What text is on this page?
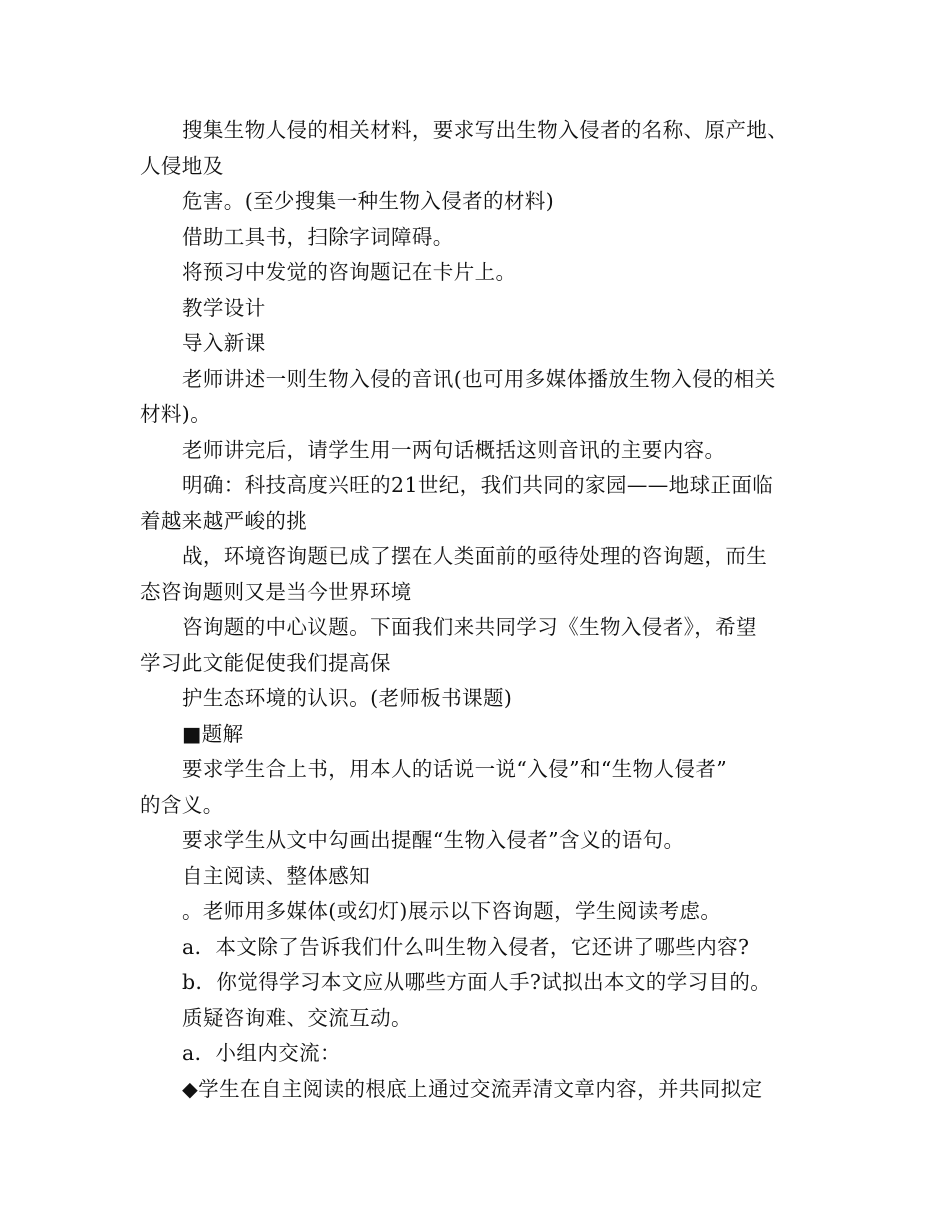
搜集生物人侵的相关材料，要求写出生物入侵者的名称、原产地、

人侵地及

危害。(至少搜集一种生物入侵者的材料)

借助工具书，扫除字词障碍。

将预习中发觉的咨询题记在卡片上。

教学设计

导入新课

老师讲述一则生物入侵的音讯(也可用多媒体播放生物入侵的相关

材料)。

老师讲完后，请学生用一两句话概括这则音讯的主要内容。

明确：科技高度兴旺的21世纪，我们共同的家园——地球正面临

着越来越严峻的挑

战，环境咨询题已成了摆在人类面前的亟待处理的咨询题，而生

态咨询题则又是当今世界环境

咨询题的中心议题。下面我们来共同学习《生物入侵者》，希望

学习此文能促使我们提高保

护生态环境的认识。(老师板书课题)

■题解

要求学生合上书，用本人的话说一说“入侵”和“生物人侵者”

的含义。

要求学生从文中勾画出提醒“生物入侵者”含义的语句。

自主阅读、整体感知

。老师用多媒体(或幻灯)展示以下咨询题，学生阅读考虑。

a．本文除了告诉我们什么叫生物入侵者，它还讲了哪些内容?

b．你觉得学习本文应从哪些方面人手?试拟出本文的学习目的。

质疑咨询难、交流互动。

a．小组内交流：

◆学生在自主阅读的根底上通过交流弄清文章内容，并共同拟定
